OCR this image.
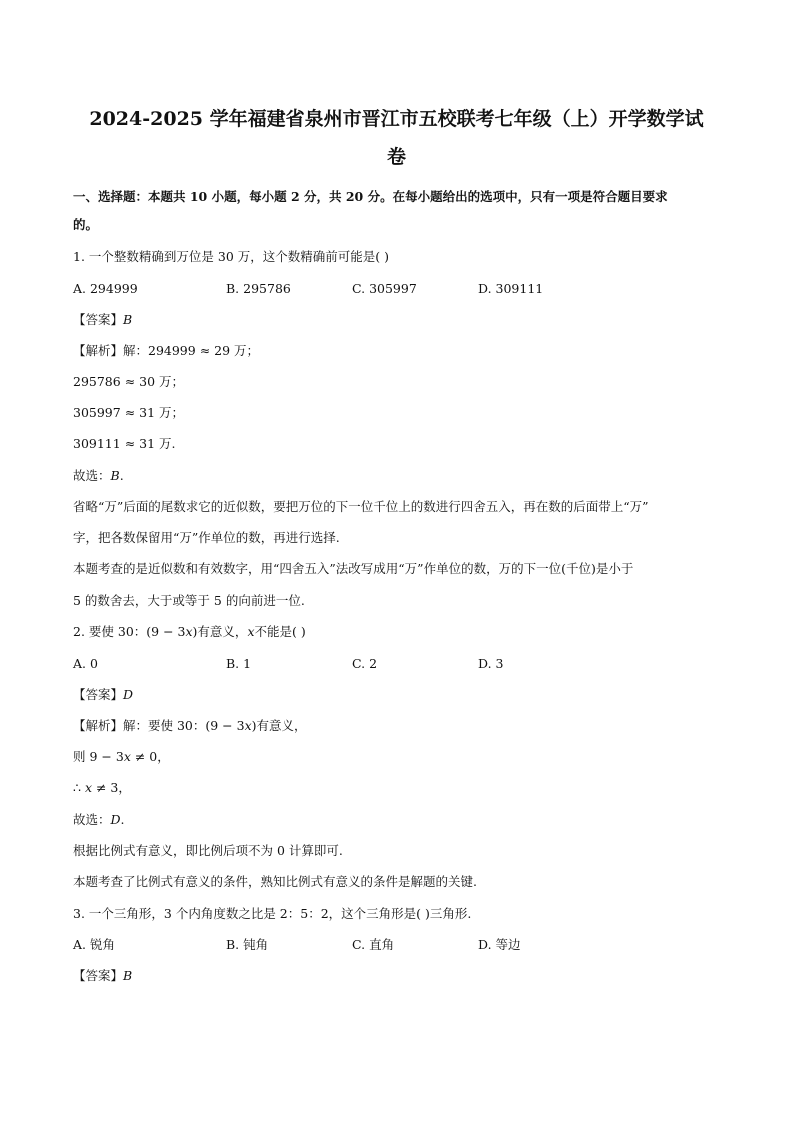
2024-2025 学年福建省泉州市晋江市五校联考七年级（上）开学数学试
卷
一、选择题：本题共 10 小题，每小题 2 分，共 20 分。在每小题给出的选项中，只有一项是符合题目要求
的。
1. 一个整数精确到万位是 30 万，这个数精确前可能是( )
A. 294999	B. 295786	C. 305997	D. 309111
【答案】B
【解析】解：294999 ≈ 29 万；
295786 ≈ 30 万；
305997 ≈ 31 万；
309111 ≈ 31 万.
故选：B.
省略“万”后面的尾数求它的近似数，要把万位的下一位千位上的数进行四舍五入，再在数的后面带上“万”
字，把各数保留用“万”作单位的数，再进行选择.
本题考查的是近似数和有效数字，用“四舍五入”法改写成用“万”作单位的数，万的下一位(千位)是小于
5 的数舍去，大于或等于 5 的向前进一位.
2. 要使 30：(9 − 3x)有意义，x不能是( )
A. 0	B. 1	C. 2	D. 3
【答案】D
【解析】解：要使 30：(9 − 3x)有意义，
则 9 − 3x ≠ 0，
∴ x ≠ 3，
故选：D.
根据比例式有意义，即比例后项不为 0 计算即可.
本题考查了比例式有意义的条件，熟知比例式有意义的条件是解题的关键.
3. 一个三角形，3 个内角度数之比是 2：5：2，这个三角形是( )三角形.
A. 锐角	B. 钝角	C. 直角	D. 等边
【答案】B
